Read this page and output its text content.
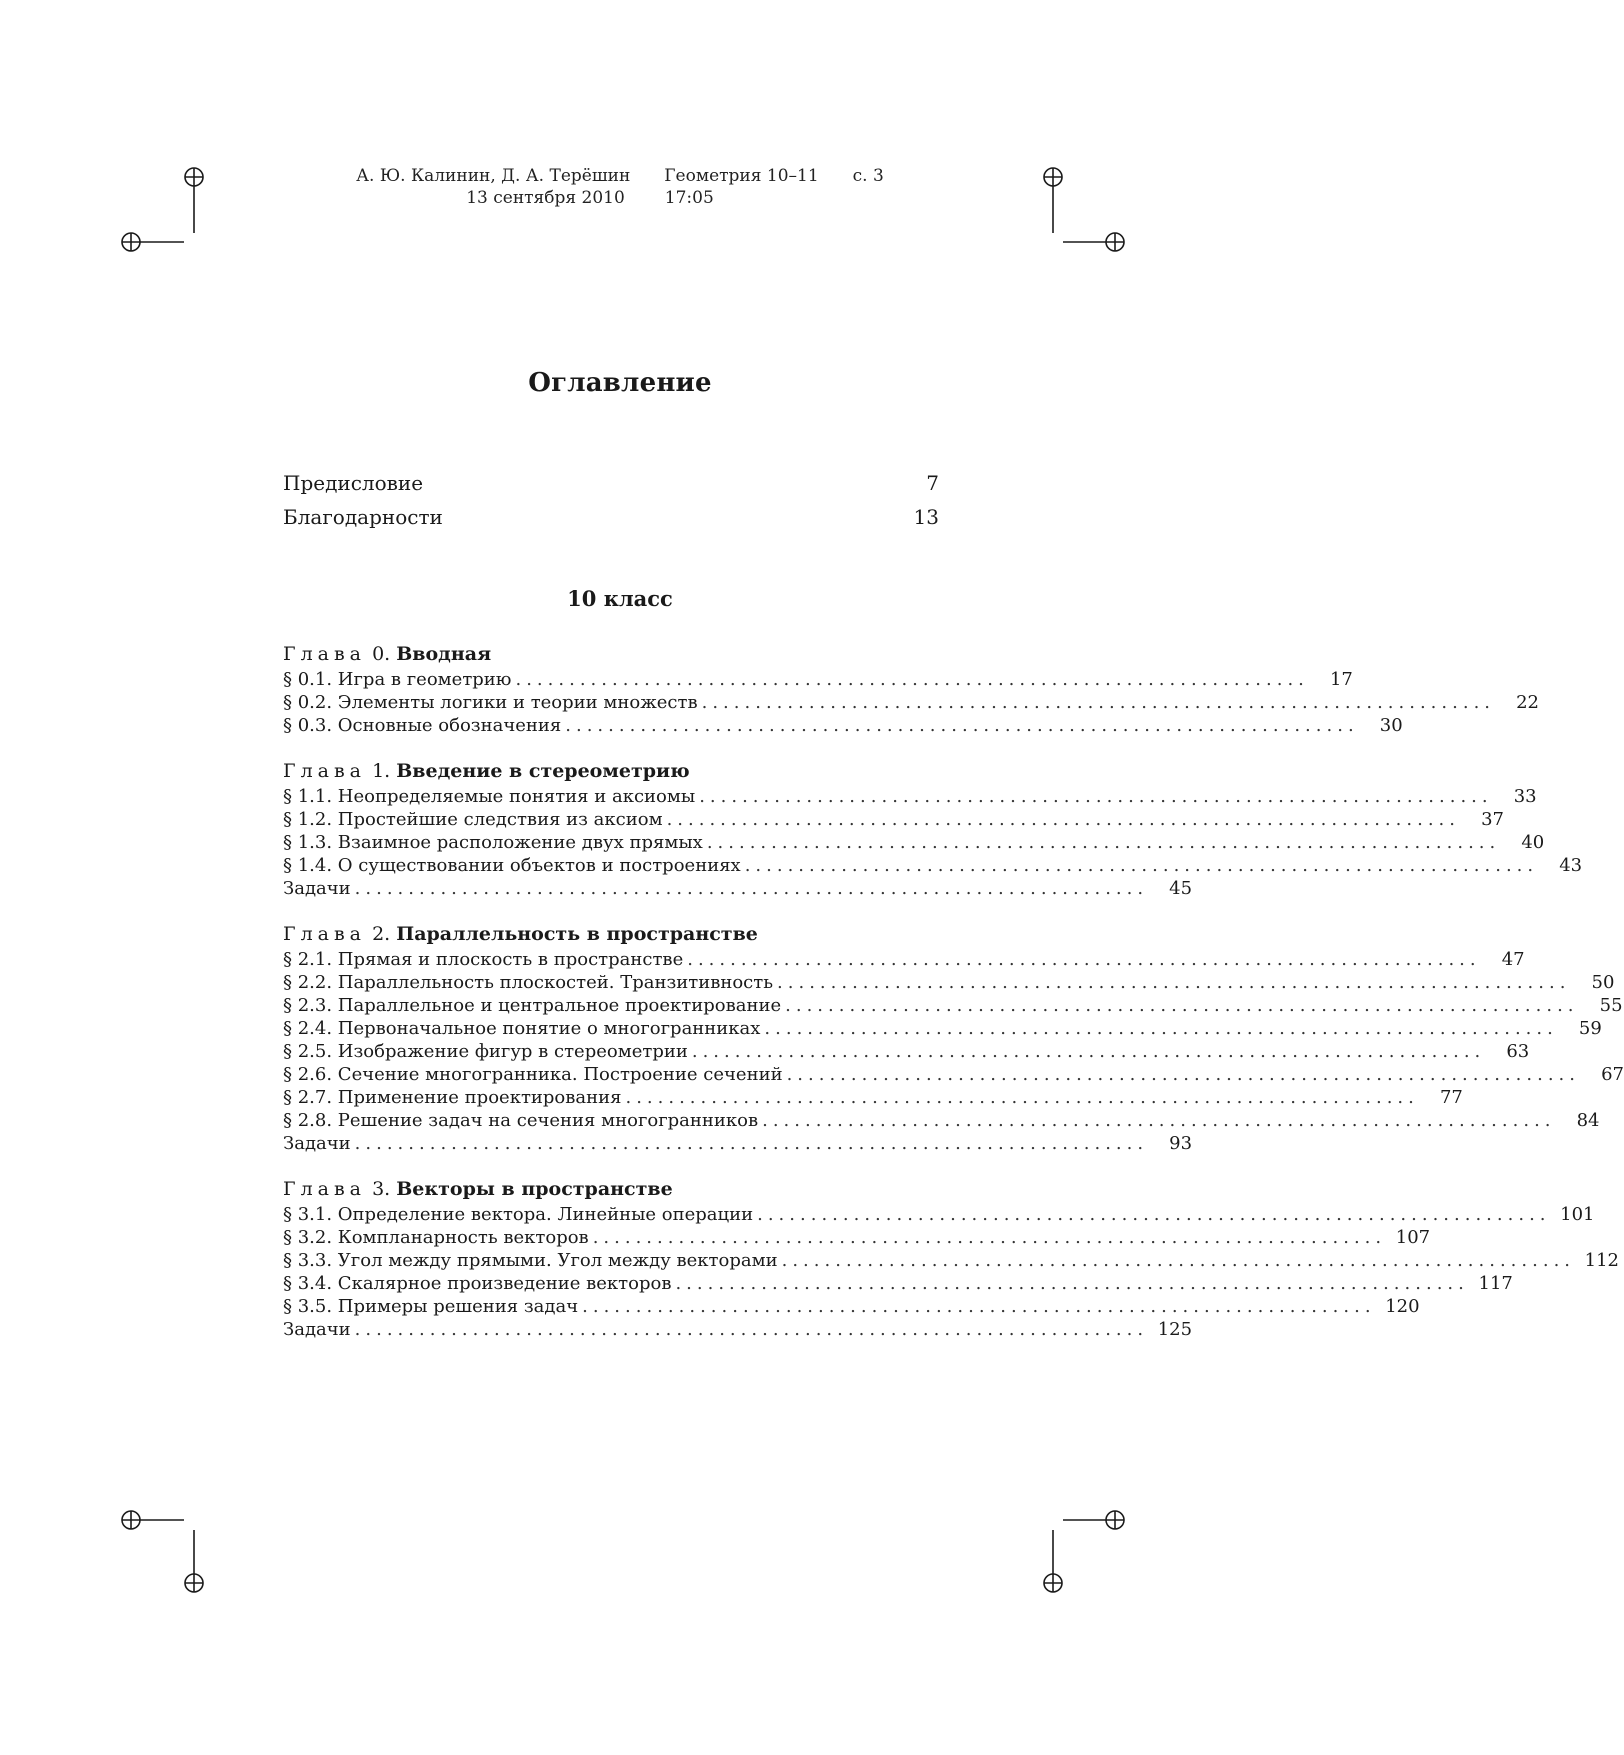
А. Ю. Калинин, Д. А. Терёшин Геометрия 10–11 с. 3
13 сентября 2010 17:05
Оглавление
Предисловие	7
Благодарности	13
10 класс
Глава 0. Вводная
§ 0.1. Игра в геометрию ..........................................................................	17
§ 0.2. Элементы логики и теории множеств ..........................................................................	22
§ 0.3. Основные обозначения ..........................................................................	30
Глава 1. Введение в стереометрию
§ 1.1. Неопределяемые понятия и аксиомы ..........................................................................	33
§ 1.2. Простейшие следствия из аксиом ..........................................................................	37
§ 1.3. Взаимное расположение двух прямых ..........................................................................	40
§ 1.4. О существовании объектов и построениях ..........................................................................	43
Задачи ..........................................................................	45
Глава 2. Параллельность в пространстве
§ 2.1. Прямая и плоскость в пространстве ..........................................................................	47
§ 2.2. Параллельность плоскостей. Транзитивность ..........................................................................	50
§ 2.3. Параллельное и центральное проектирование ..........................................................................	55
§ 2.4. Первоначальное понятие о многогранниках ..........................................................................	59
§ 2.5. Изображение фигур в стереометрии ..........................................................................	63
§ 2.6. Сечение многогранника. Построение сечений ..........................................................................	67
§ 2.7. Применение проектирования ..........................................................................	77
§ 2.8. Решение задач на сечения многогранников ..........................................................................	84
Задачи ..........................................................................	93
Глава 3. Векторы в пространстве
§ 3.1. Определение вектора. Линейные операции .......................................................................... 101
§ 3.2. Компланарность векторов .......................................................................... 107
§ 3.3. Угол между прямыми. Угол между векторами .......................................................................... 112
§ 3.4. Скалярное произведение векторов .......................................................................... 117
§ 3.5. Примеры решения задач .......................................................................... 120
Задачи .......................................................................... 125
